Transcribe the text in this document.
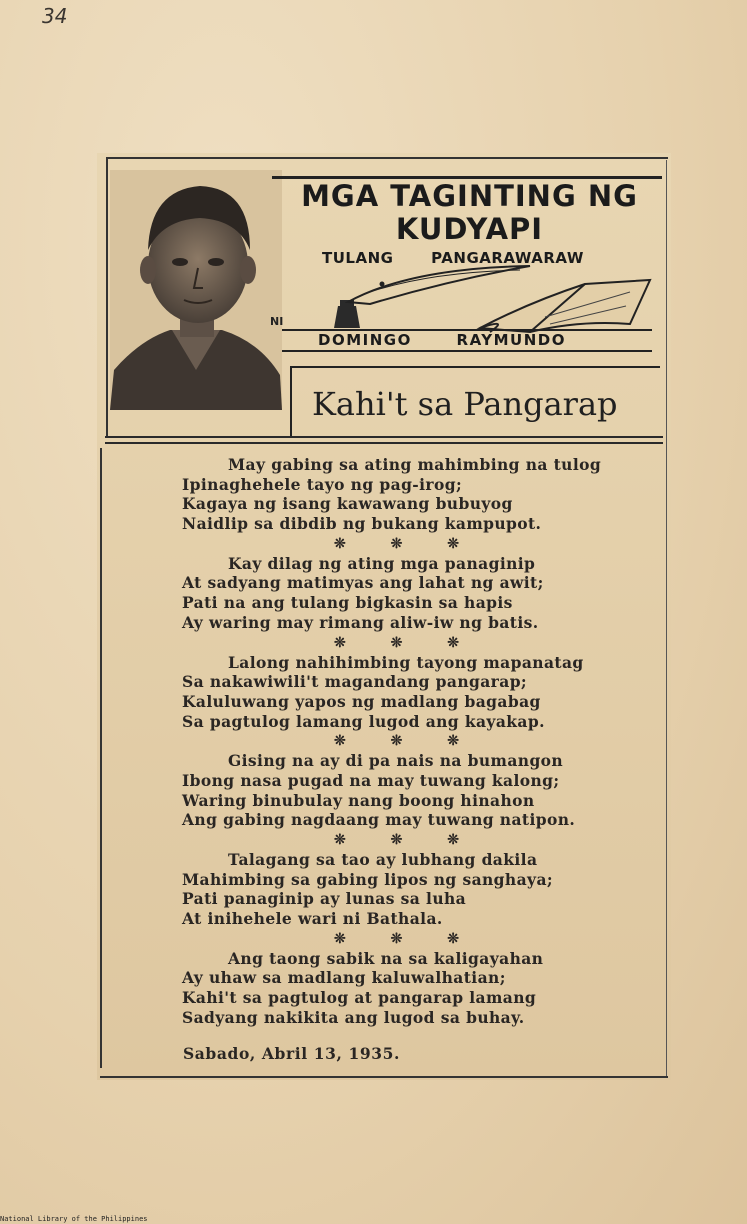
34

MGA TAGINTING NG
KUDYAPI
TULANG PANGARAWARAW
NI
DOMINGO RAYMUNDO
Kahi't sa Pangarap
May gabing sa ating mahimbing na tulog
Ipinaghehele tayo ng pag-irog;
Kagaya ng isang kawawang bubuyog
Naidlip sa dibdib ng bukang kampupot.
❊ ❊ ❊
Kay dilag ng ating mga panaginip
At sadyang matimyas ang lahat ng awit;
Pati na ang tulang bigkasin sa hapis
Ay waring may rimang aliw-iw ng batis.
❊ ❊ ❊
Lalong nahihimbing tayong mapanatag
Sa nakawiwili't magandang pangarap;
Kaluluwang yapos ng madlang bagabag
Sa pagtulog lamang lugod ang kayakap.
❊ ❊ ❊
Gising na ay di pa nais na bumangon
Ibong nasa pugad na may tuwang kalong;
Waring binubulay nang boong hinahon
Ang gabing nagdaang may tuwang natipon.
❊ ❊ ❊
Talagang sa tao ay lubhang dakila
Mahimbing sa gabing lipos ng sanghaya;
Pati panaginip ay lunas sa luha
At inihehele wari ni Bathala.
❊ ❊ ❊
Ang taong sabik na sa kaligayahan
Ay uhaw sa madlang kaluwalhatian;
Kahi't sa pagtulog at pangarap lamang
Sadyang nakikita ang lugod sa buhay.
Sabado, Abril 13, 1935.
National Library of the Philippines
